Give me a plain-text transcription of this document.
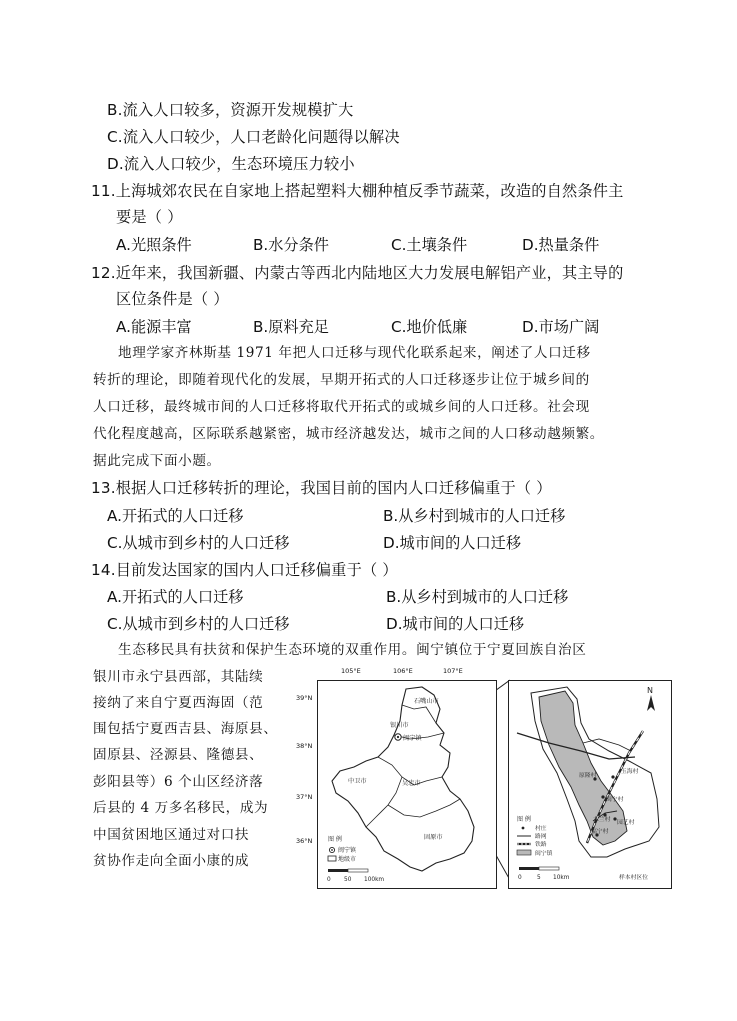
B.流入人口较多，资源开发规模扩大
C.流入人口较少，人口老龄化问题得以解决
D.流入人口较少，生态环境压力较小
11.上海城郊农民在自家地上搭起塑料大棚种植反季节蔬菜，改造的自然条件主
要是（ ）
A.光照条件	B.水分条件	C.土壤条件	D.热量条件
12.近年来，我国新疆、内蒙古等西北内陆地区大力发展电解铝产业，其主导的
区位条件是（ ）
A.能源丰富	B.原料充足	C.地价低廉	D.市场广阔
地理学家齐林斯基 1971 年把人口迁移与现代化联系起来，阐述了人口迁移
转折的理论，即随着现代化的发展，早期开拓式的人口迁移逐步让位于城乡间的
人口迁移，最终城市间的人口迁移将取代开拓式的或城乡间的人口迁移。社会现
代化程度越高，区际联系越紧密，城市经济越发达，城市之间的人口移动越频繁。
据此完成下面小题。
13.根据人口迁移转折的理论，我国目前的国内人口迁移偏重于（ ）
A.开拓式的人口迁移	B.从乡村到城市的人口迁移
C.从城市到乡村的人口迁移	D.城市间的人口迁移
14.目前发达国家的国内人口迁移偏重于（ ）
A.开拓式的人口迁移	B.从乡村到城市的人口迁移
C.从城市到乡村的人口迁移	D.城市间的人口迁移
生态移民具有扶贫和保护生态环境的双重作用。闽宁镇位于宁夏回族自治区
银川市永宁县西部，其陆续
接纳了来自宁夏西海固（范
围包括宁夏西吉县、海原县、
固原县、泾源县、隆德县、
彭阳县等）6 个山区经济落
后县的 4 万多名移民，成为
中国贫困地区通过对口扶
贫协作走向全面小康的成
石嘴山市
银川市
闽宁镇
中卫市	吴忠市
固原市
图 例
闽宁镇
地级市
0 50 100km
105°E	106°E	107°E
39°N
38°N
37°N
36°N
N
原隆村
玉海村
闽宁村
木兰村 园艺村
福宁村
图 例
村庄
路网
铁路
闽宁镇
0	5 10km	样本村区位
